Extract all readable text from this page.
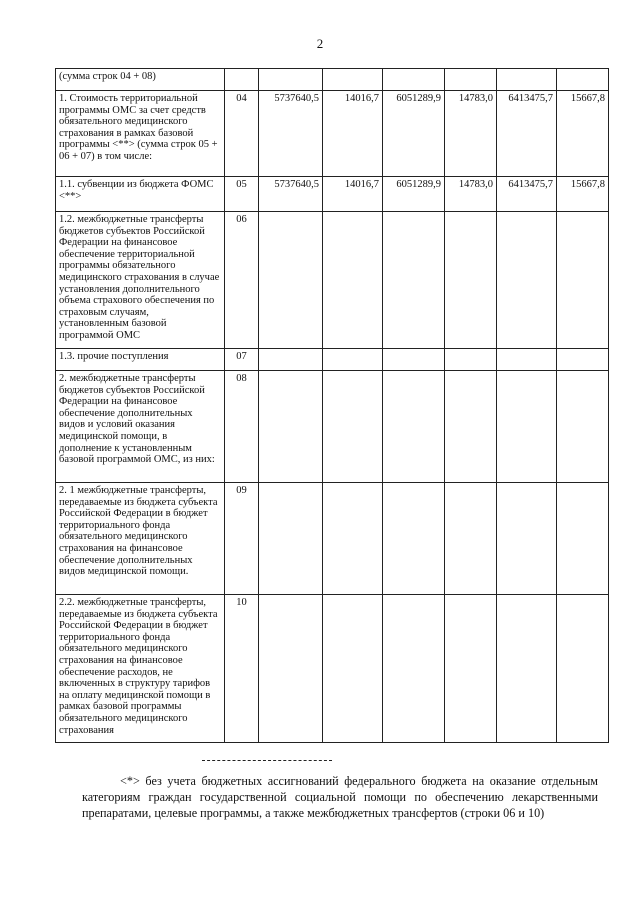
2
(сумма строк 04 + 08)							
1. Стоимость территориальной программы ОМС за счет средств обязательного медицинского страхования в рамках базовой программы <**> (сумма строк 05 + 06 + 07) в том числе:	04	5737640,5	14016,7	6051289,9	14783,0	6413475,7	15667,8
1.1. субвенции из бюджета ФОМС <**>	05	5737640,5	14016,7	6051289,9	14783,0	6413475,7	15667,8
1.2. межбюджетные трансферты бюджетов субъектов Российской Федерации на финансовое обеспечение территориальной программы обязательного медицинского страхования в случае установления дополнительного объема страхового обеспечения по страховым случаям, установленным базовой программой ОМС	06						
1.3. прочие поступления	07						
2. межбюджетные трансферты бюджетов субъектов Российской Федерации на финансовое обеспечение дополнительных видов и условий оказания медицинской помощи, в дополнение к установленным базовой программой ОМС, из них:	08						
2. 1 межбюджетные трансферты, передаваемые из бюджета субъекта Российской Федерации в бюджет территориального фонда обязательного медицинского страхования на финансовое обеспечение дополнительных видов медицинской помощи.	09						
2.2. межбюджетные трансферты, передаваемые из бюджета субъекта Российской Федерации в бюджет территориального фонда обязательного медицинского страхования на финансовое обеспечение расходов, не включенных в структуру тарифов на оплату медицинской помощи в рамках базовой программы обязательного медицинского страхования	10						
<*> без учета бюджетных ассигнований федерального бюджета на оказание отдельным категориям граждан государственной социальной помощи по обеспечению лекарственными препаратами, целевые программы, а также межбюджетных трансфертов (строки 06 и 10)
